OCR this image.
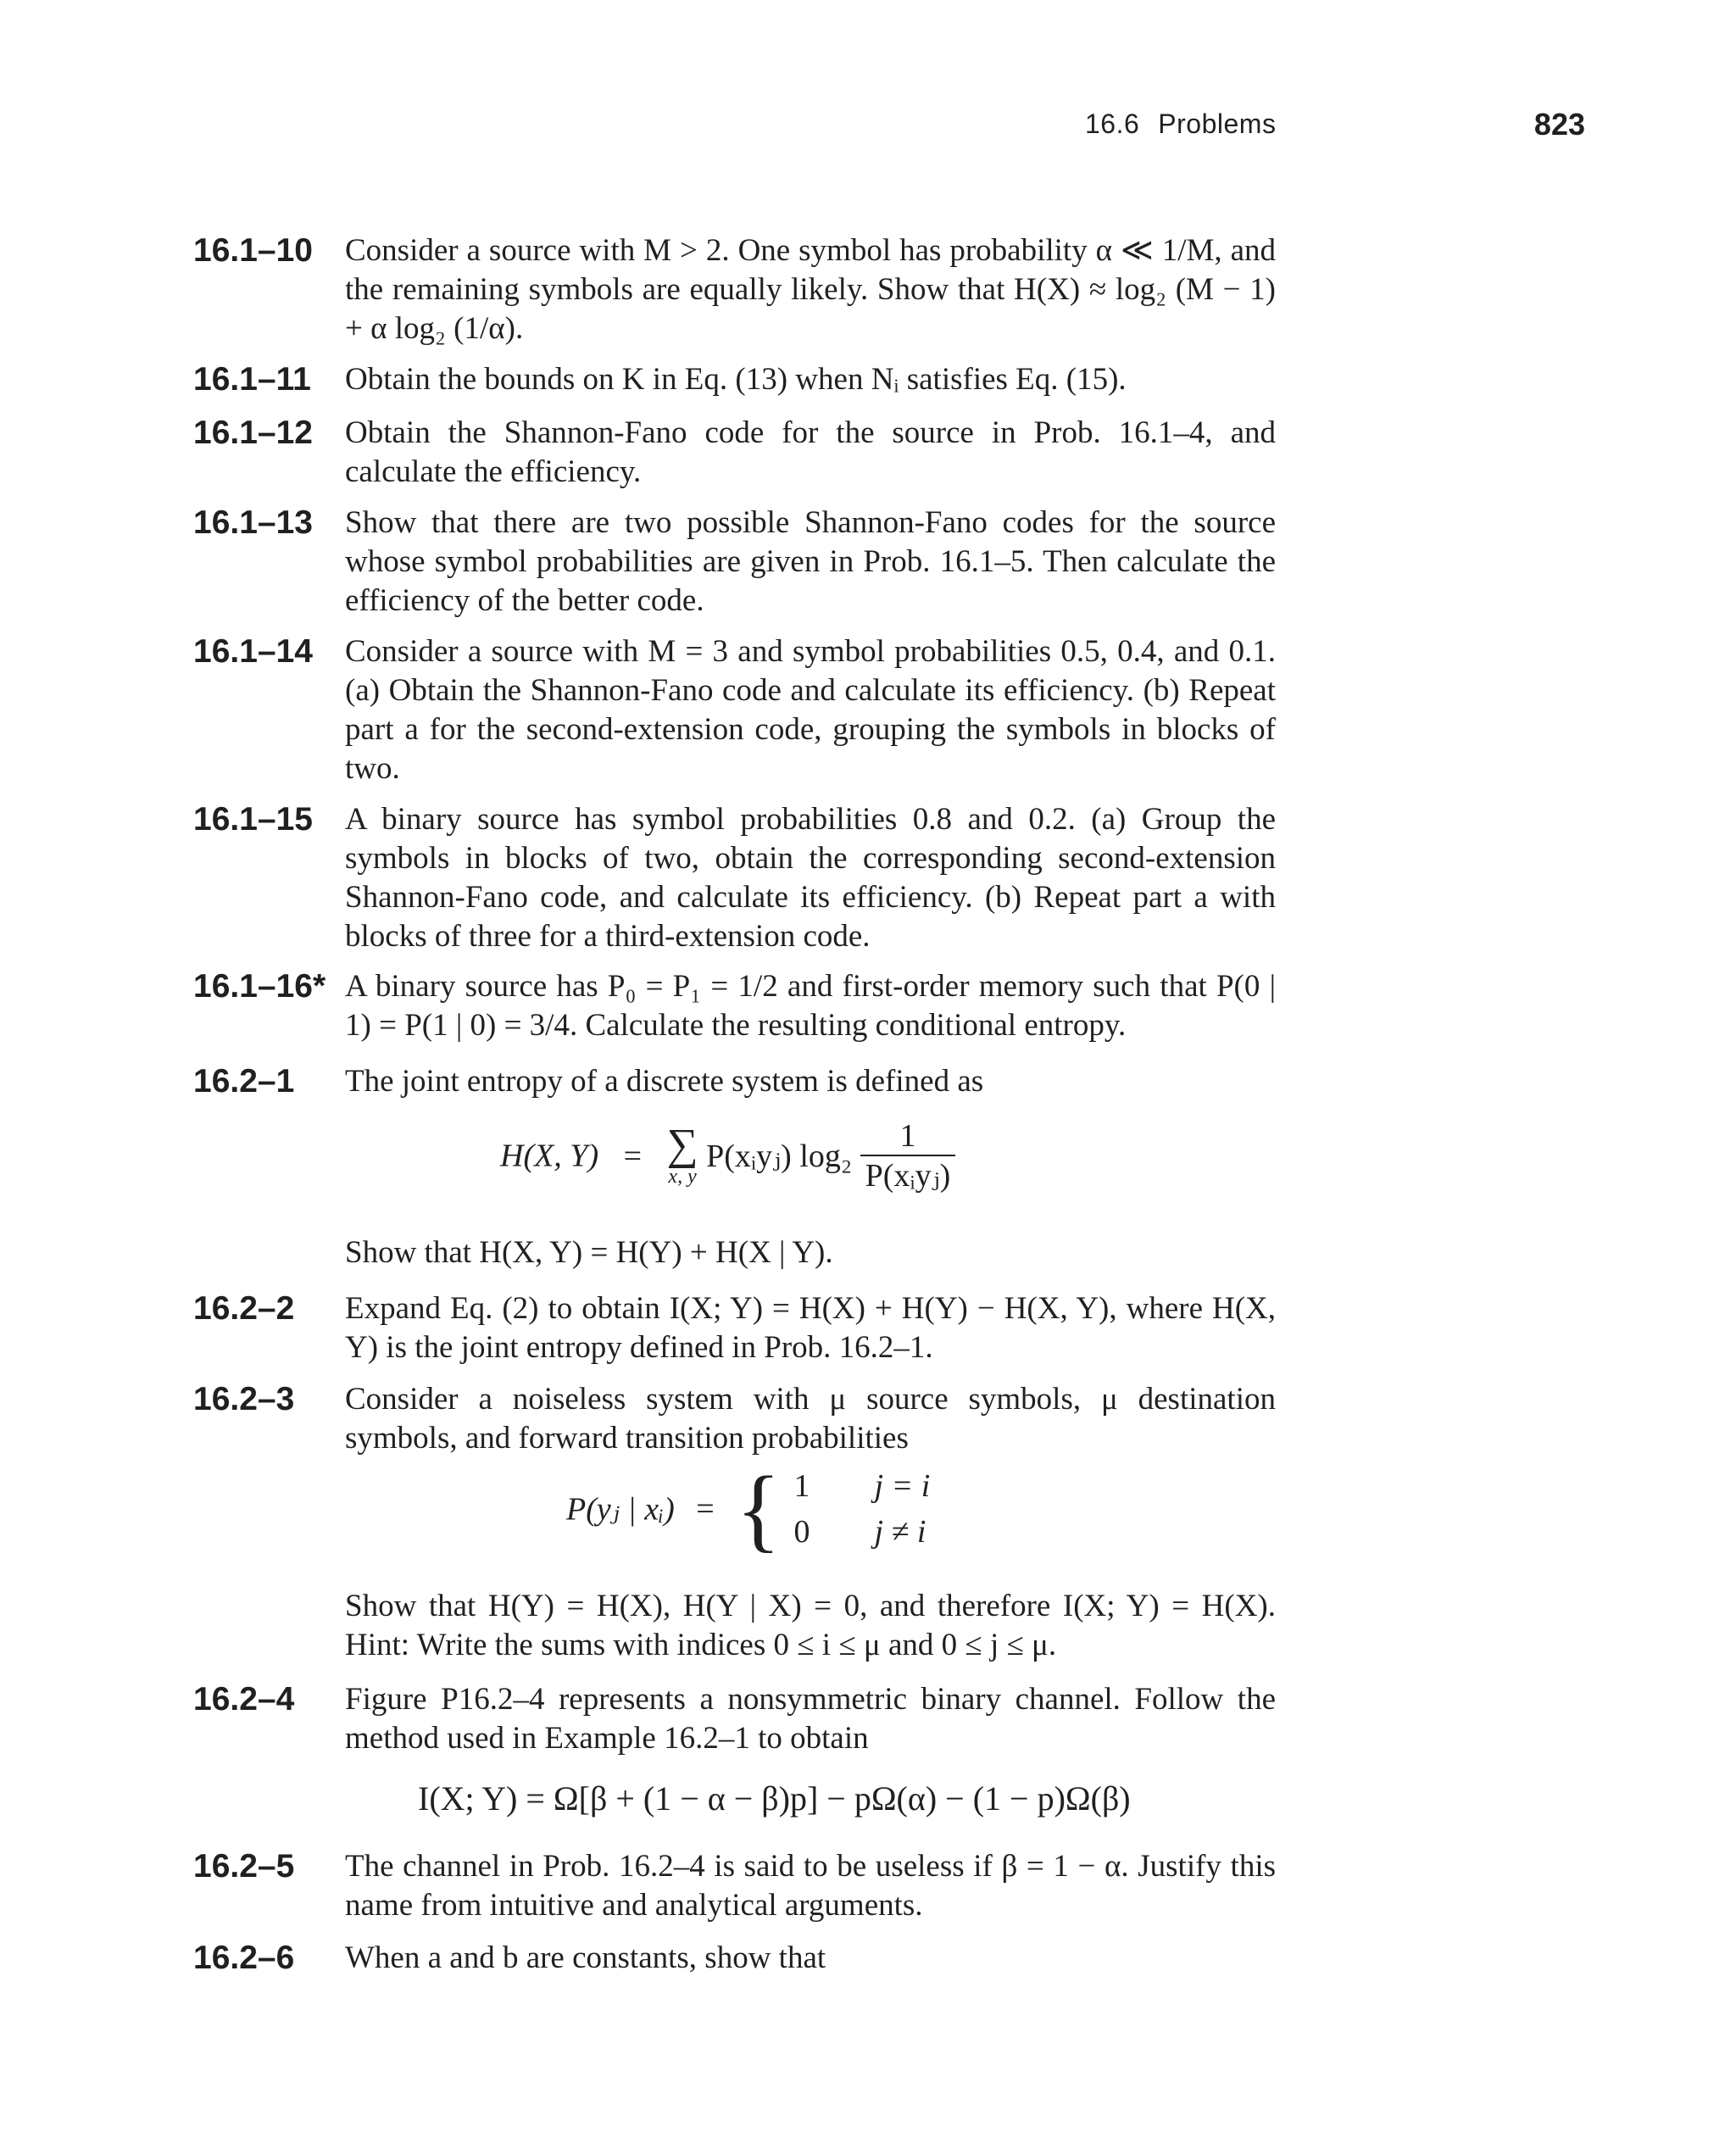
16.6 Problems	823
16.1–10 Consider a source with M > 2. One symbol has probability α ≪ 1/M, and the remaining symbols are equally likely. Show that H(X) ≈ log₂ (M − 1) + α log₂ (1/α).
16.1–11 Obtain the bounds on K in Eq. (13) when Nᵢ satisfies Eq. (15).
16.1–12 Obtain the Shannon-Fano code for the source in Prob. 16.1–4, and calculate the efficiency.
16.1–13 Show that there are two possible Shannon-Fano codes for the source whose symbol probabilities are given in Prob. 16.1–5. Then calculate the efficiency of the better code.
16.1–14 Consider a source with M = 3 and symbol probabilities 0.5, 0.4, and 0.1. (a) Obtain the Shannon-Fano code and calculate its efficiency. (b) Repeat part a for the second-extension code, grouping the symbols in blocks of two.
16.1–15 A binary source has symbol probabilities 0.8 and 0.2. (a) Group the symbols in blocks of two, obtain the corresponding second-extension Shannon-Fano code, and calculate its efficiency. (b) Repeat part a with blocks of three for a third-extension code.
16.1–16* A binary source has P₀ = P₁ = 1/2 and first-order memory such that P(0 | 1) = P(1 | 0) = 3/4. Calculate the resulting conditional entropy.
16.2–1 The joint entropy of a discrete system is defined as
H(X, Y) = ∑
x, y
P(xᵢyⱼ) $\log_2 \frac{1}{\text{P(xᵢyⱼ)}}$
Show that H(X, Y) = H(Y) + H(X | Y).
16.2–2 Expand Eq. (2) to obtain I(X; Y) = H(X) + H(Y) − H(X, Y), where H(X, Y) is the joint entropy defined in Prob. 16.2–1.
16.2–3 Consider a noiseless system with μ source symbols, μ destination symbols, and forward transition probabilities
P(yⱼ | xᵢ) = { 1	j = i
0	j ≠ i
Show that H(Y) = H(X), H(Y | X) = 0, and therefore I(X; Y) = H(X). Hint: Write the sums with indices 0 ≤ i ≤ μ and 0 ≤ j ≤ μ.
16.2–4 Figure P16.2–4 represents a nonsymmetric binary channel. Follow the method used in Example 16.2–1 to obtain
I(X; Y) = Ω[β + (1 − α − β)p] − pΩ(α) − (1 − p)Ω(β)
16.2–5 The channel in Prob. 16.2–4 is said to be useless if β = 1 − α. Justify this name from intuitive and analytical arguments.
16.2–6 When a and b are constants, show that
